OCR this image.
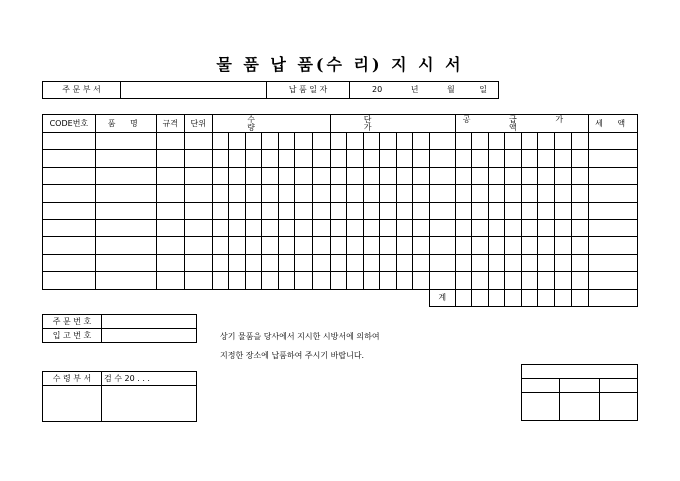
물 품 납 품(수 리) 지 시 서
주 문 부 서		납 품 일 자	20	년	월	일
CODE번호	품 명	규격	단위	수 량							단 가							공 급 가 액								세 액

																	계									
주 문 번 호	
입 고 번 호		상기 물품을 당사에서 지시한 시방서에 의하여
지정한 장소에 납품하여 주시기 바랍니다.
수 령 부 서	검 수 20 . . .
